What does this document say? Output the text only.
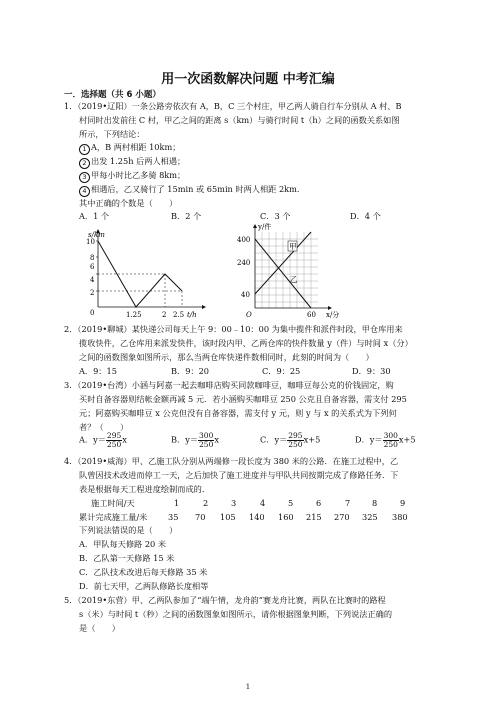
用一次函数解决问题 中考汇编
一．选择题（共 6 小题）
1．（2019•辽阳）一条公路旁依次有 A，B，C 三个村庄，甲乙两人骑自行车分别从 A 村、B
村同时出发前往 C 村，甲乙之间的距离 s（km）与骑行时间 t（h）之间的函数关系如图
所示，下列结论：
1 A，B 两村相距 10km；
2 出发 1.25h 后两人相遇；
3 甲每小时比乙多骑 8km；
4 相遇后，乙又骑行了 15min 或 65min 时两人相距 2km．
其中正确的个数是（　　）
A．1 个	B．2 个	C．3 个	D．4 个
s/km
10
8
6
4
2
0	1.25	2 2.5 t/h
甲
乙
y/件
400
240
40
O	60 x/分
2．（2019•聊城）某快递公司每天上午 9：00﹣10：00 为集中揽件和派件时段，甲仓库用来
揽收快件，乙仓库用来派发快件，该时段内甲、乙两仓库的快件数量 y（件）与时间 x（分）
之间的函数图象如图所示，那么当两仓库快递件数相同时，此刻的时间为（　　）
A．9：15	B．9：20	C．9：25	D．9：30
3．（2019•台湾）小涵与阿嘉一起去咖啡店购买同款咖啡豆，咖啡豆每公克的价钱固定，购
买时自备容器则结帐金额再减 5 元．若小涵购买咖啡豆 250 公克且自备容器，需支付 295
元；阿嘉购买咖啡豆 x 公克但没有自备容器，需支付 y 元，则 y 与 x 的关系式为下列何
者？（　　）
A．$y= \frac{295}{250}$ x	B．$y= \frac{300}{250}$ x	C．$y= \frac{295}{250} x+5$	D．$y= \frac{300}{250} x+5$
4．（2019•威海）甲、乙施工队分别从两端修一段长度为 380 米的公路．在施工过程中，乙
队曾因技术改进而停工一天，之后加快了施工进度并与甲队共同按期完成了修路任务．下
表是根据每天工程进度绘制而成的．
施工时间/天	1	2	3	4	5	6	7	8	9
累计完成施工量/米	35 70 105 140 160 215 270 325 380
下列说法错误的是（　　）
A．甲队每天修路 20 米
B．乙队第一天修路 15 米
C．乙队技术改进后每天修路 35 米
D．前七天甲，乙两队修路长度相等
5．（2019•东营）甲、乙两队参加了“端午情，龙舟韵”赛龙舟比赛，两队在比赛时的路程
s（米）与时间 t（秒）之间的函数图象如图所示，请你根据图象判断，下列说法正确的
是（　　）
1
